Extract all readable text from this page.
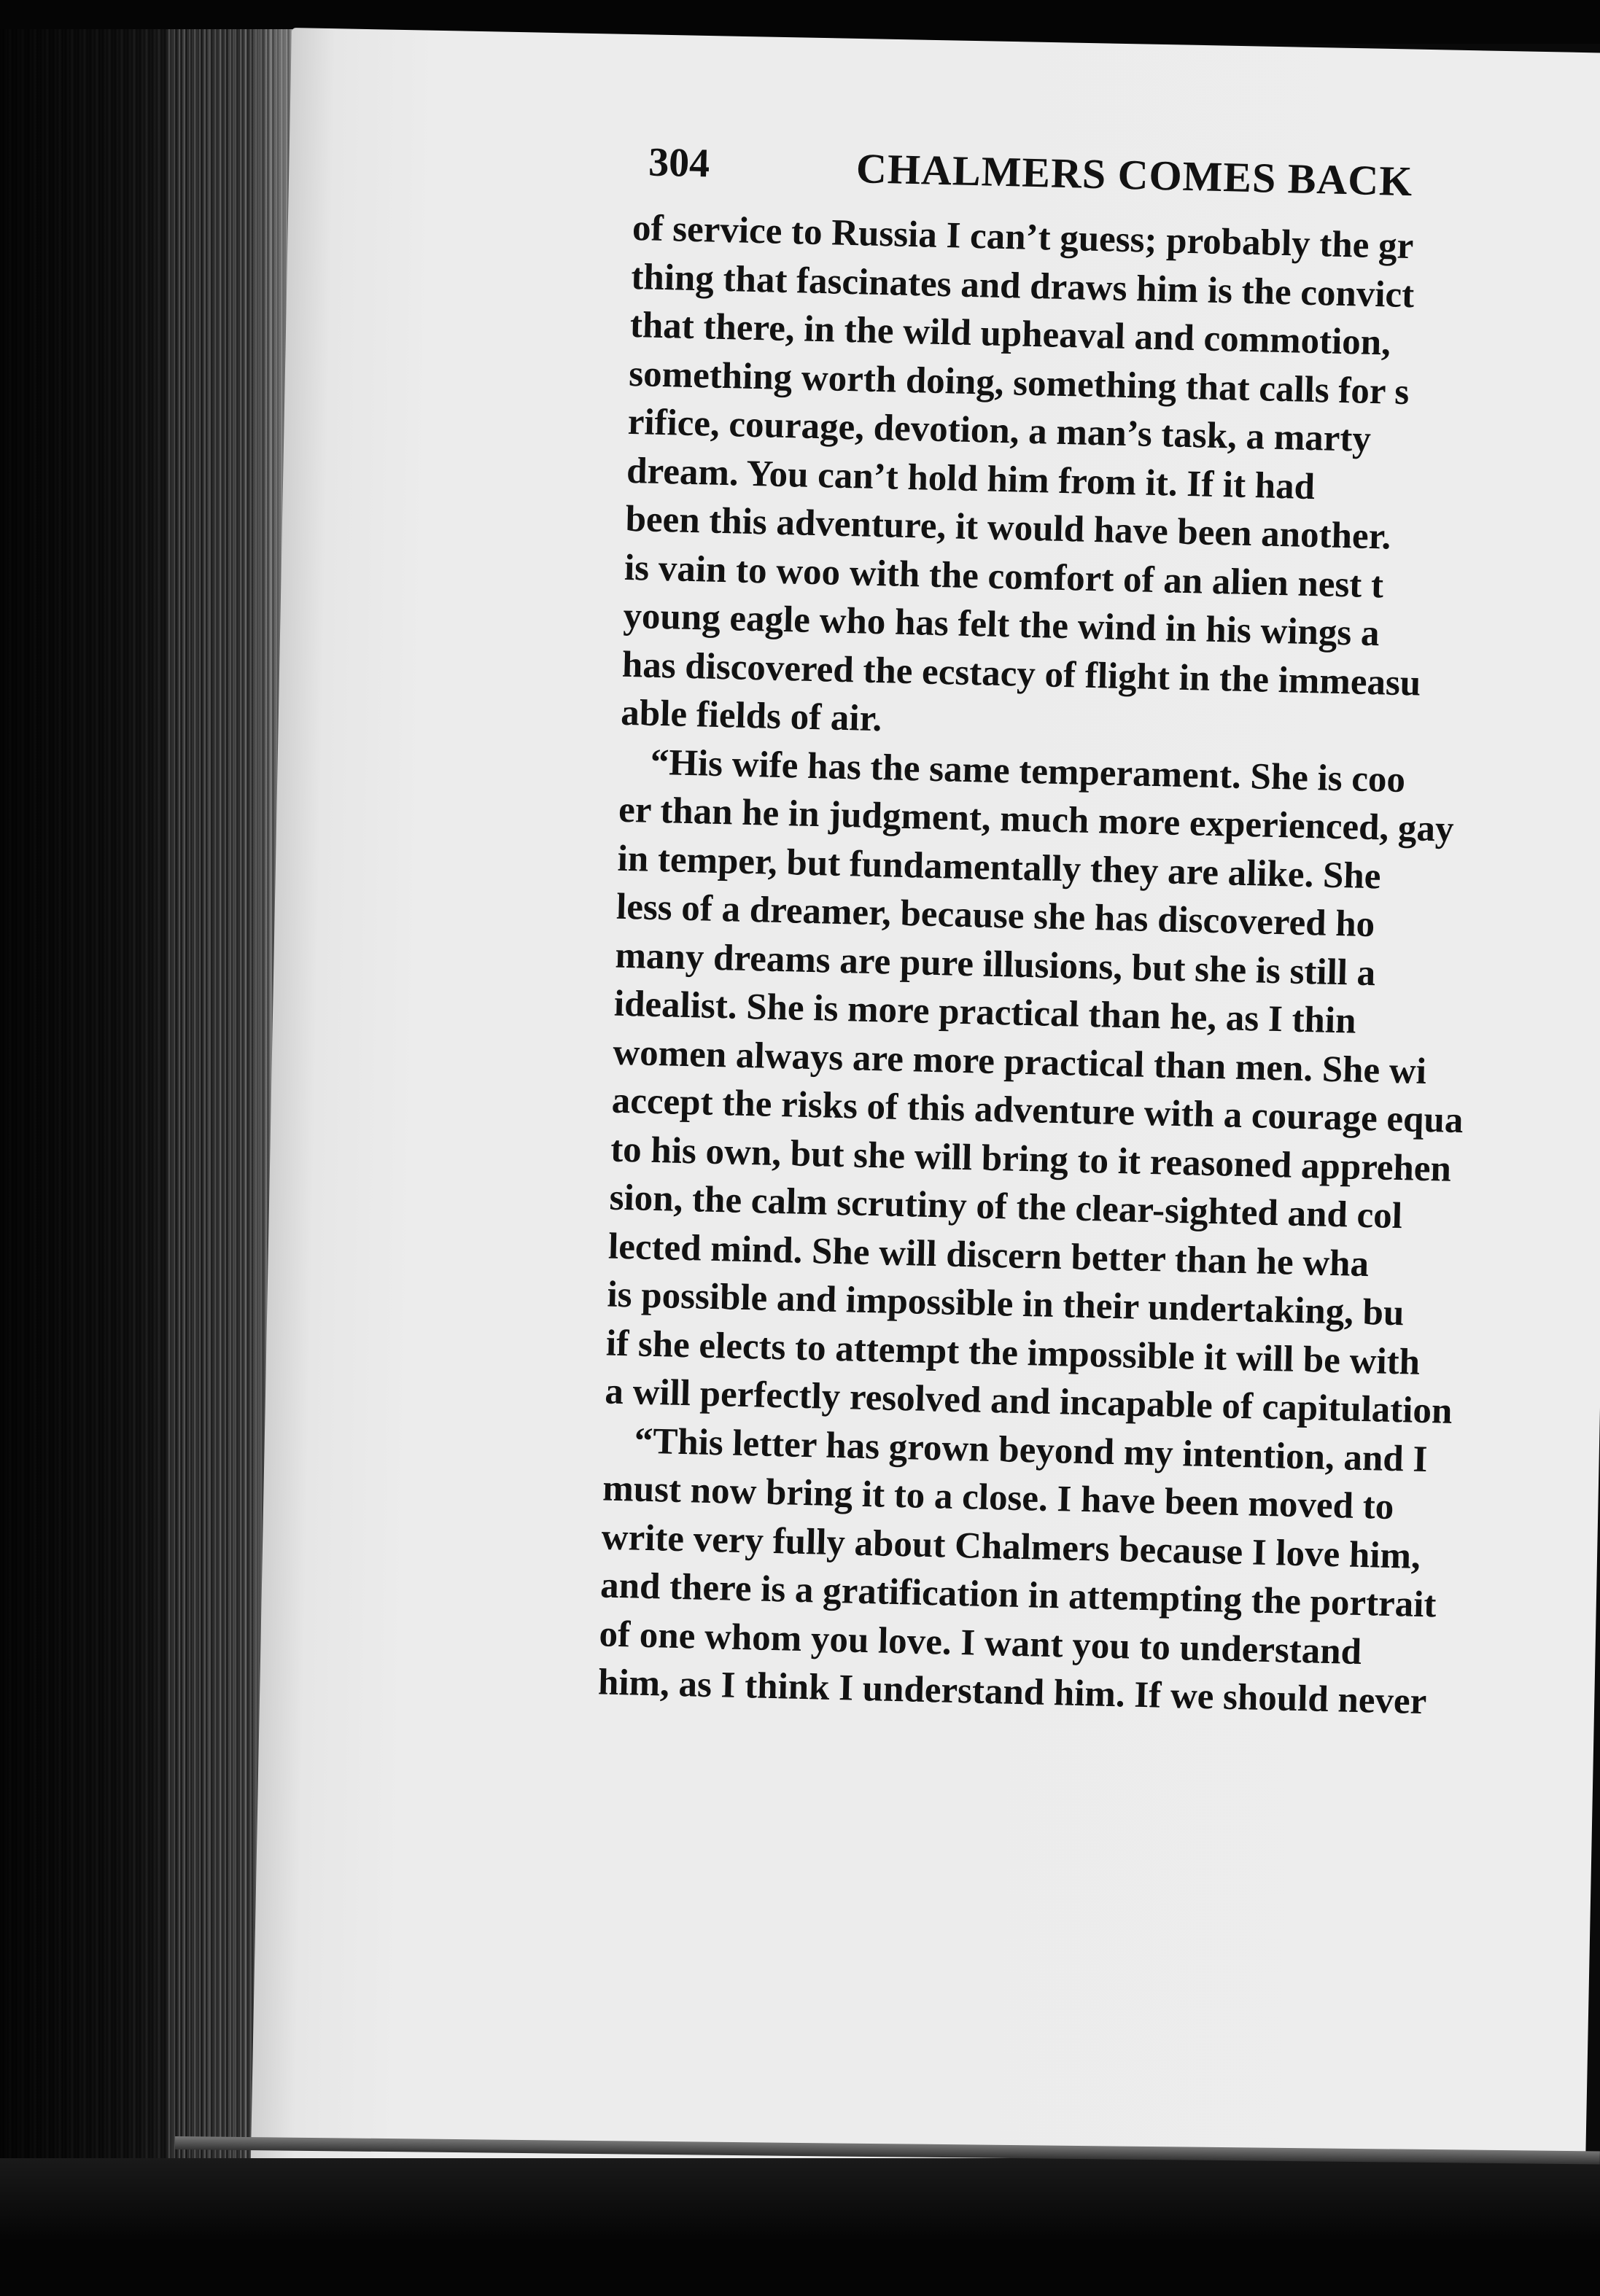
304	CHALMERS COMES BACK
of service to Russia I can’t guess; probably the gr
thing that fascinates and draws him is the convict
that there, in the wild upheaval and commotion,
something worth doing, something that calls for s
rifice, courage, devotion, a man’s task, a marty
dream. You can’t hold him from it. If it had
been this adventure, it would have been another.
is vain to woo with the comfort of an alien nest t
young eagle who has felt the wind in his wings a
has discovered the ecstacy of flight in the immeasu
able fields of air.
“His wife has the same temperament. She is coo
er than he in judgment, much more experienced, gay
in temper, but fundamentally they are alike. She
less of a dreamer, because she has discovered ho
many dreams are pure illusions, but she is still a
idealist. She is more practical than he, as I thin
women always are more practical than men. She wi
accept the risks of this adventure with a courage equa
to his own, but she will bring to it reasoned apprehen
sion, the calm scrutiny of the clear-sighted and col
lected mind. She will discern better than he wha
is possible and impossible in their undertaking, bu
if she elects to attempt the impossible it will be with
a will perfectly resolved and incapable of capitulation
“This letter has grown beyond my intention, and I
must now bring it to a close. I have been moved to
write very fully about Chalmers because I love him,
and there is a gratification in attempting the portrait
of one whom you love. I want you to understand
him, as I think I understand him. If we should never
